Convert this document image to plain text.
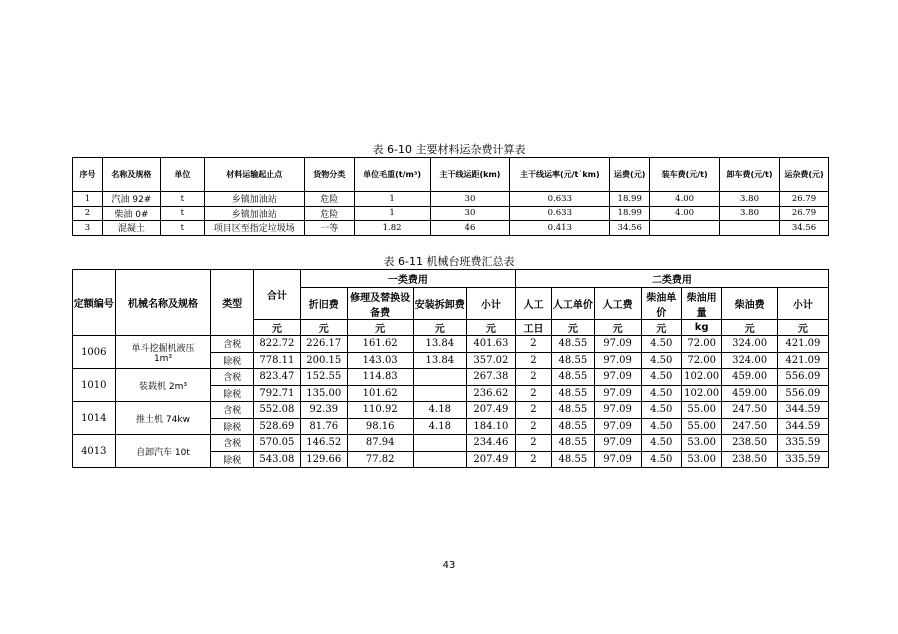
表 6-10 主要材料运杂费计算表
序号	名称及规格	单位	材料运输起止点	货物分类	单位毛重(t/m³)	主干线运距(km)	主干线运率(元/t˙km)	运费(元)	装车费(元/t)	卸车费(元/t)	运杂费(元)
1	汽油 92#	t	乡镇加油站	危险	1	30	0.633	18.99	4.00	3.80	26.79
2	柴油 0#	t	乡镇加油站	危险	1	30	0.633	18.99	4.00	3.80	26.79
3	混凝土	t	项目区至指定垃圾场	一等	1.82	46	0.413	34.56			34.56
表 6-11 机械台班费汇总表
定额编号	机械名称及规格	类型	合计	一类费用				二类费用						
				折旧费	修理及替换设备费	安装拆卸费	小计	人工	人工单价	人工费	柴油单价	柴油用量	柴油费	小计
			元	元	元	元	元	工日	元	元	元	kg	元	元
1006	单斗挖掘机液压 1m³	含税	822.72	226.17	161.62	13.84	401.63	2	48.55	97.09	4.50	72.00	324.00	421.09
		除税	778.11	200.15	143.03	13.84	357.02	2	48.55	97.09	4.50	72.00	324.00	421.09
1010	装载机 2m³	含税	823.47	152.55	114.83		267.38	2	48.55	97.09	4.50	102.00	459.00	556.09
		除税	792.71	135.00	101.62		236.62	2	48.55	97.09	4.50	102.00	459.00	556.09
1014	推土机 74kw	含税	552.08	92.39	110.92	4.18	207.49	2	48.55	97.09	4.50	55.00	247.50	344.59
		除税	528.69	81.76	98.16	4.18	184.10	2	48.55	97.09	4.50	55.00	247.50	344.59
4013	自卸汽车 10t	含税	570.05	146.52	87.94		234.46	2	48.55	97.09	4.50	53.00	238.50	335.59
		除税	543.08	129.66	77.82		207.49	2	48.55	97.09	4.50	53.00	238.50	335.59
43
